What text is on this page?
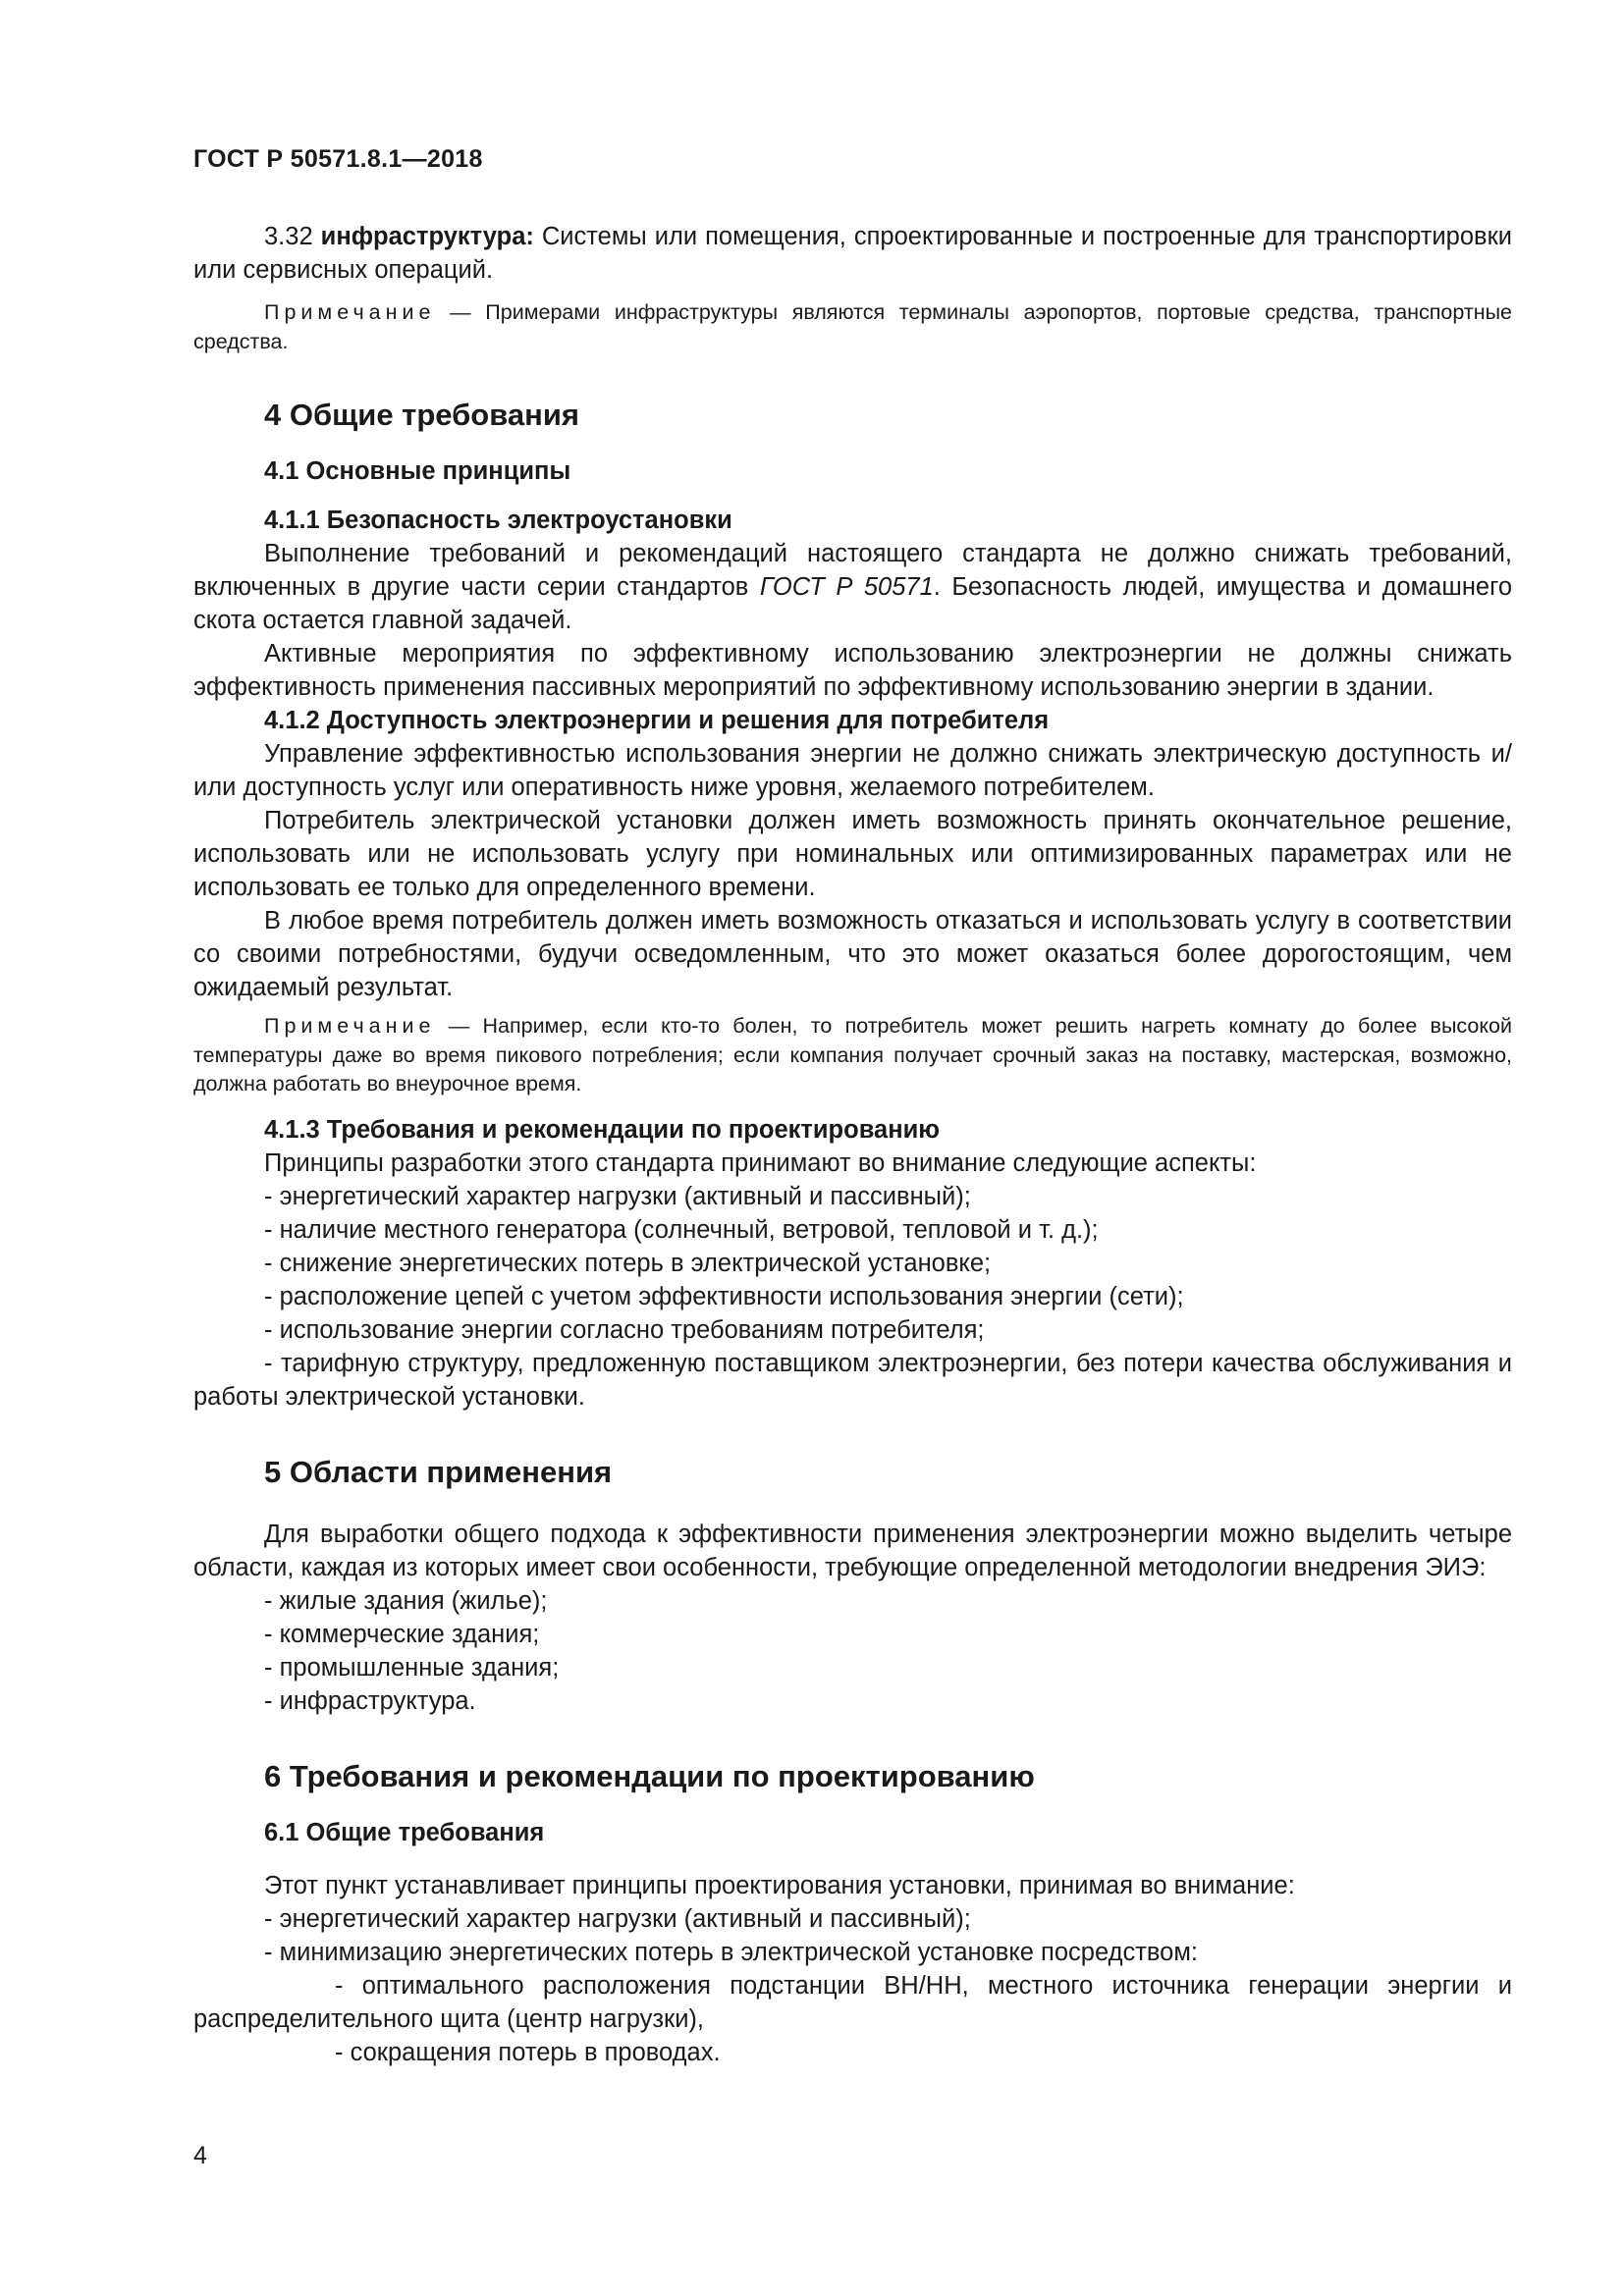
ГОСТ Р 50571.8.1—2018

3.32 инфраструктура: Системы или помещения, спроектированные и построенные для транспортировки или сервисных операций.

Примечание — Примерами инфраструктуры являются терминалы аэропортов, портовые средства, транспортные средства.

4 Общие требования
4.1 Основные принципы
4.1.1 Безопасность электроустановки

Выполнение требований и рекомендаций настоящего стандарта не должно снижать требований, включенных в другие части серии стандартов ГОСТ Р 50571. Безопасность людей, имущества и домашнего скота остается главной задачей.

Активные мероприятия по эффективному использованию электроэнергии не должны снижать эффективность применения пассивных мероприятий по эффективному использованию энергии в здании.

4.1.2 Доступность электроэнергии и решения для потребителя

Управление эффективностью использования энергии не должно снижать электрическую доступность и/или доступность услуг или оперативность ниже уровня, желаемого потребителем.

Потребитель электрической установки должен иметь возможность принять окончательное решение, использовать или не использовать услугу при номинальных или оптимизированных параметрах или не использовать ее только для определенного времени.

В любое время потребитель должен иметь возможность отказаться и использовать услугу в соответствии со своими потребностями, будучи осведомленным, что это может оказаться более дорогостоящим, чем ожидаемый результат.

Примечание — Например, если кто-то болен, то потребитель может решить нагреть комнату до более высокой температуры даже во время пикового потребления; если компания получает срочный заказ на поставку, мастерская, возможно, должна работать во внеурочное время.

4.1.3 Требования и рекомендации по проектированию

Принципы разработки этого стандарта принимают во внимание следующие аспекты:

- энергетический характер нагрузки (активный и пассивный);

- наличие местного генератора (солнечный, ветровой, тепловой и т. д.);

- снижение энергетических потерь в электрической установке;

- расположение цепей с учетом эффективности использования энергии (сети);

- использование энергии согласно требованиям потребителя;

- тарифную структуру, предложенную поставщиком электроэнергии, без потери качества обслуживания и работы электрической установки.

5 Области применения

Для выработки общего подхода к эффективности применения электроэнергии можно выделить четыре области, каждая из которых имеет свои особенности, требующие определенной методологии внедрения ЭИЭ:

- жилые здания (жилье);

- коммерческие здания;

- промышленные здания;

- инфраструктура.

6 Требования и рекомендации по проектированию
6.1 Общие требования

Этот пункт устанавливает принципы проектирования установки, принимая во внимание:

- энергетический характер нагрузки (активный и пассивный);

- минимизацию энергетических потерь в электрической установке посредством:

- оптимального расположения подстанции ВН/НН, местного источника генерации энергии и распределительного щита (центр нагрузки),

- сокращения потерь в проводах.

4
